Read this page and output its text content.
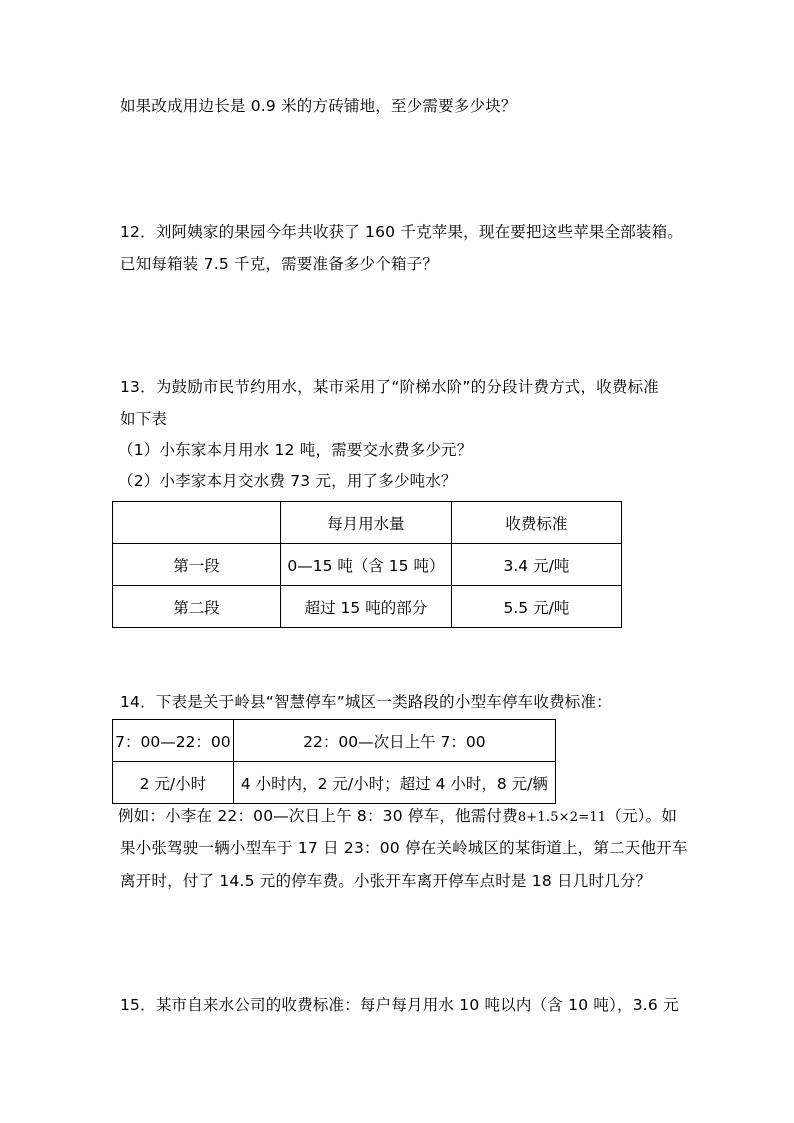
如果改成用边长是 0.9 米的方砖铺地，至少需要多少块？
12．刘阿姨家的果园今年共收获了 160 千克苹果，现在要把这些苹果全部装箱。
已知每箱装 7.5 千克，需要准备多少个箱子？
13．为鼓励市民节约用水，某市采用了“阶梯水阶”的分段计费方式，收费标准
如下表
（1）小东家本月用水 12 吨，需要交水费多少元？
（2）小李家本月交水费 73 元，用了多少吨水？
	每月用水量	收费标准
第一段	0—15 吨（含 15 吨）	3.4 元/吨
第二段	超过 15 吨的部分	5.5 元/吨
14．下表是关于岭县“智慧停车”城区一类路段的小型车停车收费标准：
7：00—22：00	22：00—次日上午 7：00
2 元/小时	4 小时内，2 元/小时；超过 4 小时，8 元/辆
例如：小李在 22：00—次日上午 8：30 停车，他需付费8+1.5×2=11（元）。如
果小张驾驶一辆小型车于 17 日 23：00 停在关岭城区的某街道上，第二天他开车
离开时，付了 14.5 元的停车费。小张开车离开停车点时是 18 日几时几分？
15．某市自来水公司的收费标准：每户每月用水 10 吨以内（含 10 吨），3.6 元
